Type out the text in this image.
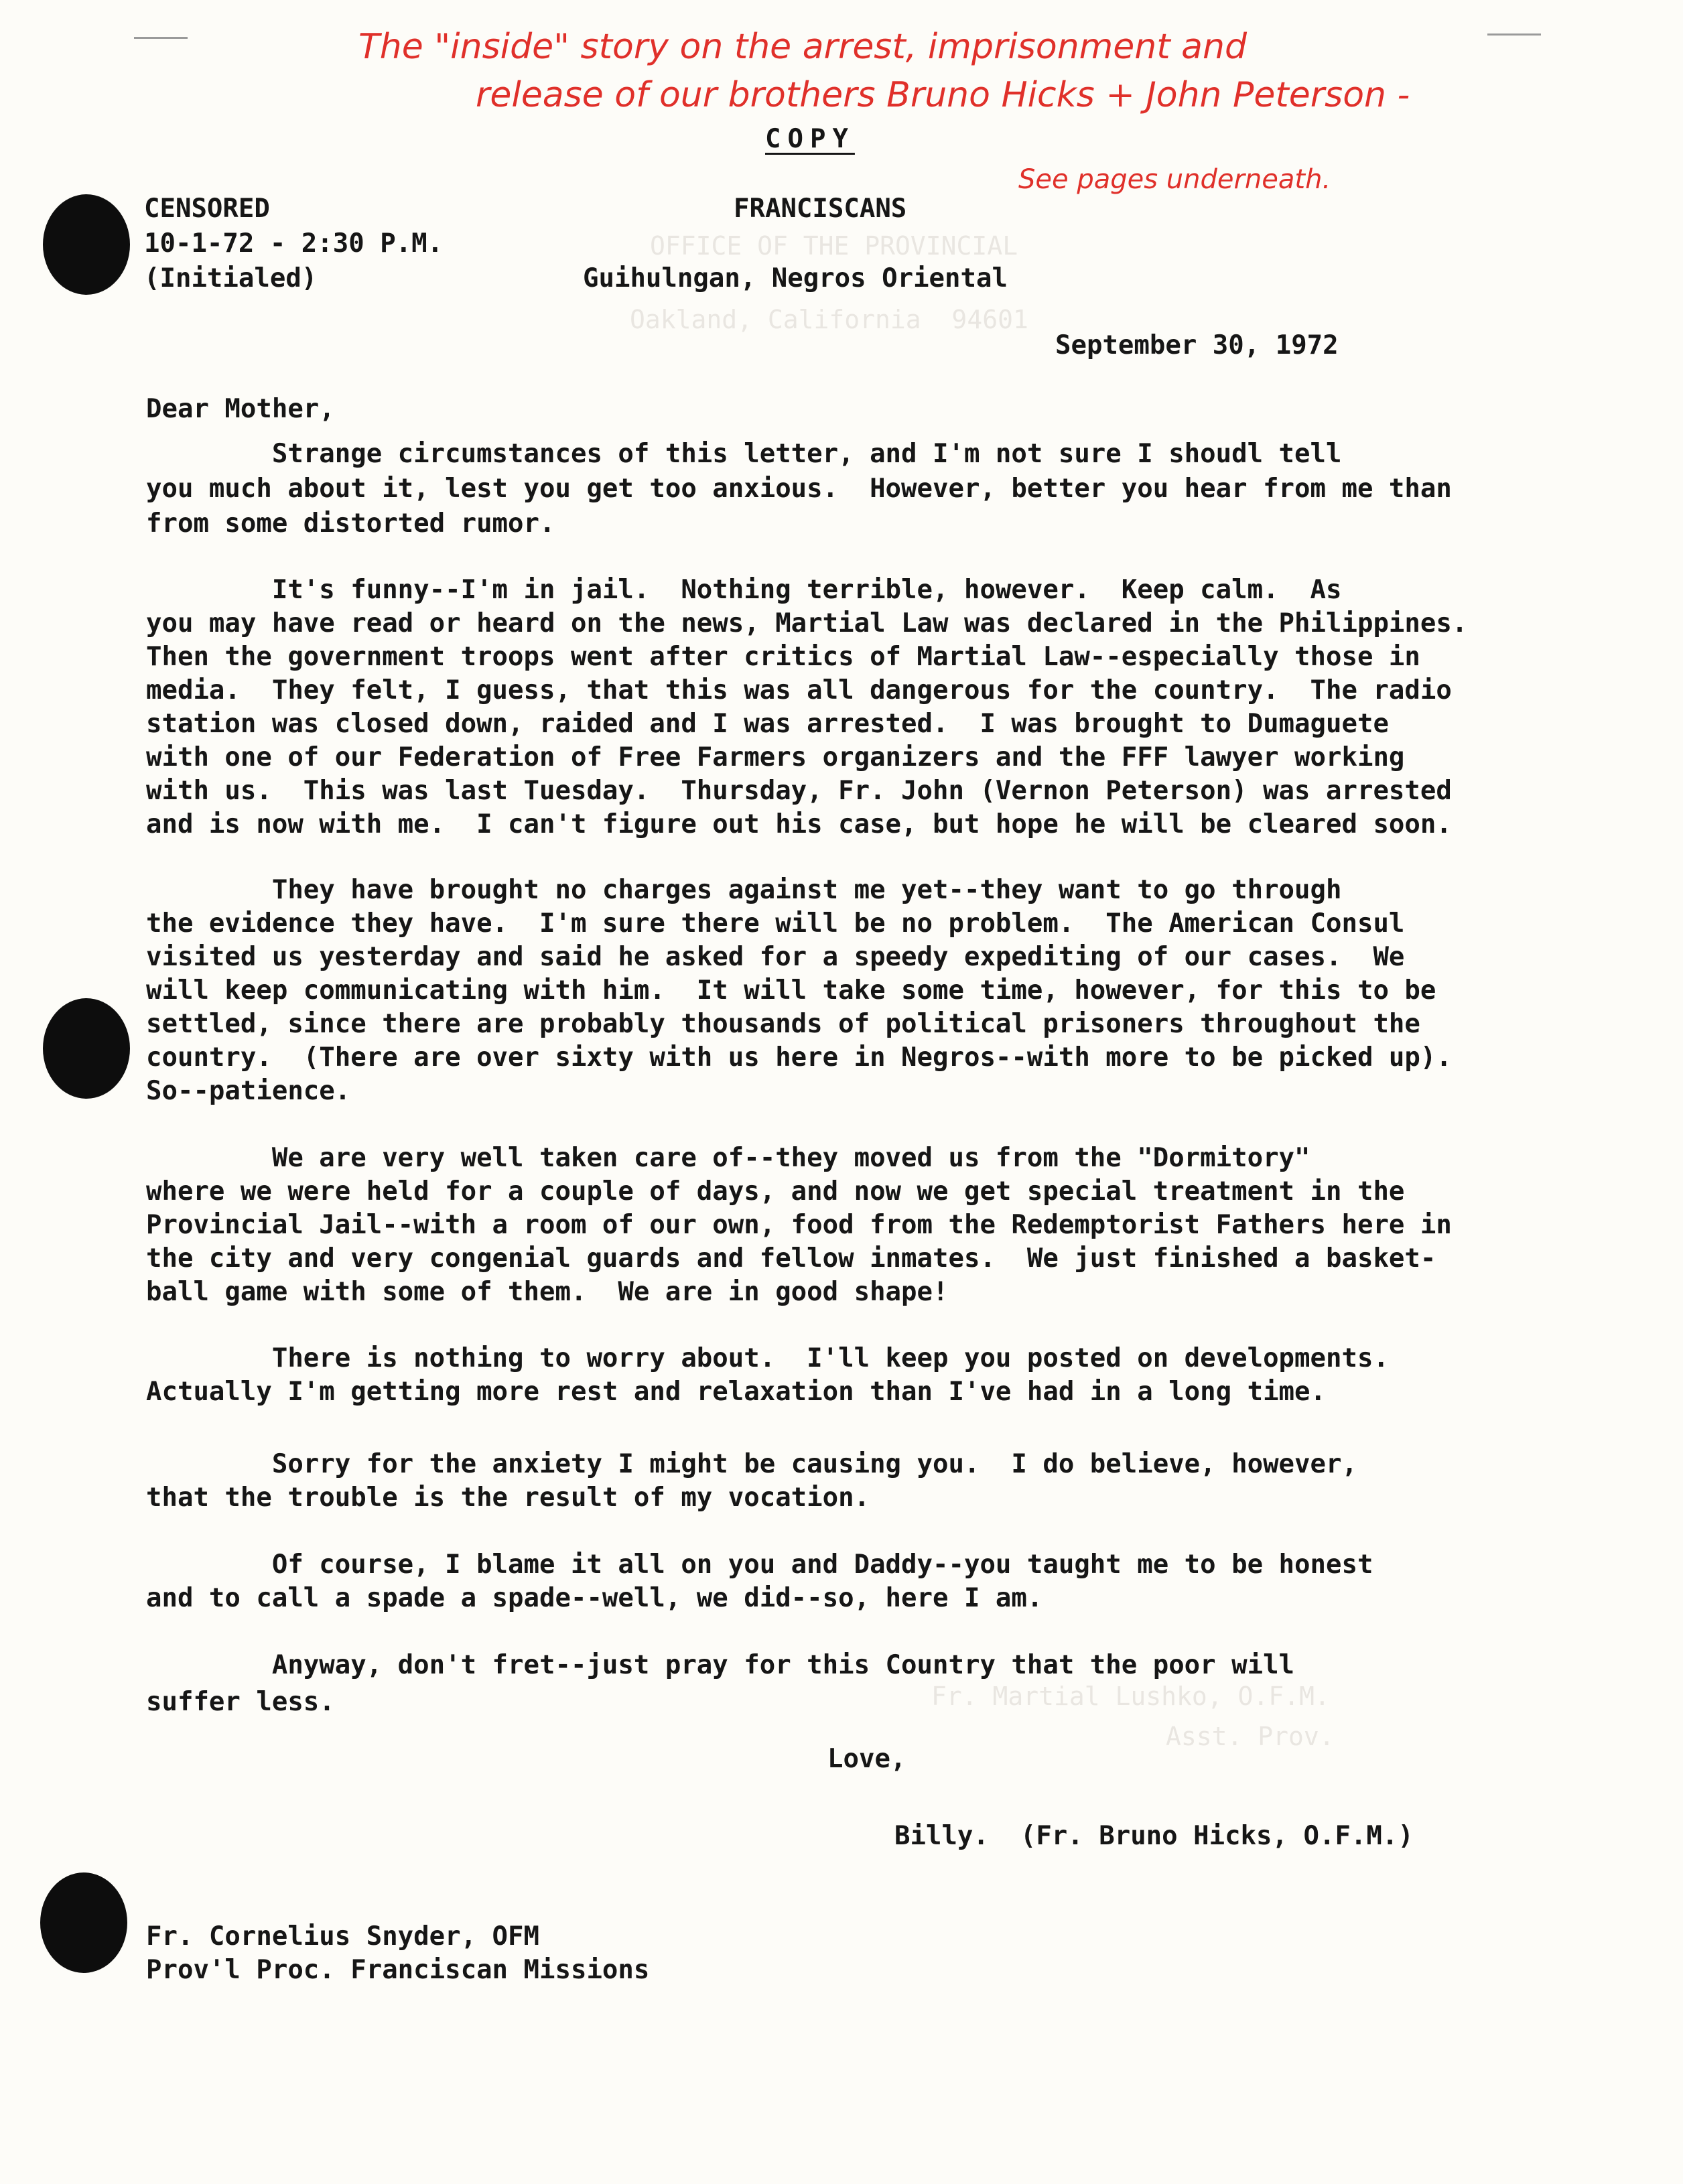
OFFICE OF THE PROVINCIAL
Oakland, California  94601
Fr. Martial Lushko, O.F.M.
Asst. Prov.
The "inside" story on the arrest, imprisonment and
release of our brothers Bruno Hicks + John Peterson -
See pages underneath.
COPY
CENSORED
10-1-72 - 2:30 P.M.
(Initialed)
FRANCISCANS
Guihulngan, Negros Oriental
September 30, 1972
Dear Mother,
Strange circumstances of this letter, and I'm not sure I shoudl tell
you much about it, lest you get too anxious.  However, better you hear from me than
from some distorted rumor.
It's funny--I'm in jail.  Nothing terrible, however.  Keep calm.  As
you may have read or heard on the news, Martial Law was declared in the Philippines.
Then the government troops went after critics of Martial Law--especially those in
media.  They felt, I guess, that this was all dangerous for the country.  The radio
station was closed down, raided and I was arrested.  I was brought to Dumaguete
with one of our Federation of Free Farmers organizers and the FFF lawyer working
with us.  This was last Tuesday.  Thursday, Fr. John (Vernon Peterson) was arrested
and is now with me.  I can't figure out his case, but hope he will be cleared soon.
They have brought no charges against me yet--they want to go through
the evidence they have.  I'm sure there will be no problem.  The American Consul
visited us yesterday and said he asked for a speedy expediting of our cases.  We
will keep communicating with him.  It will take some time, however, for this to be
settled, since there are probably thousands of political prisoners throughout the
country.  (There are over sixty with us here in Negros--with more to be picked up).
So--patience.
We are very well taken care of--they moved us from the "Dormitory"
where we were held for a couple of days, and now we get special treatment in the
Provincial Jail--with a room of our own, food from the Redemptorist Fathers here in
the city and very congenial guards and fellow inmates.  We just finished a basket-
ball game with some of them.  We are in good shape!
There is nothing to worry about.  I'll keep you posted on developments.
Actually I'm getting more rest and relaxation than I've had in a long time.
Sorry for the anxiety I might be causing you.  I do believe, however,
that the trouble is the result of my vocation.
Of course, I blame it all on you and Daddy--you taught me to be honest
and to call a spade a spade--well, we did--so, here I am.
Anyway, don't fret--just pray for this Country that the poor will
suffer less.
Love,
Billy.  (Fr. Bruno Hicks, O.F.M.)
Fr. Cornelius Snyder, OFM
Prov'l Proc. Franciscan Missions
